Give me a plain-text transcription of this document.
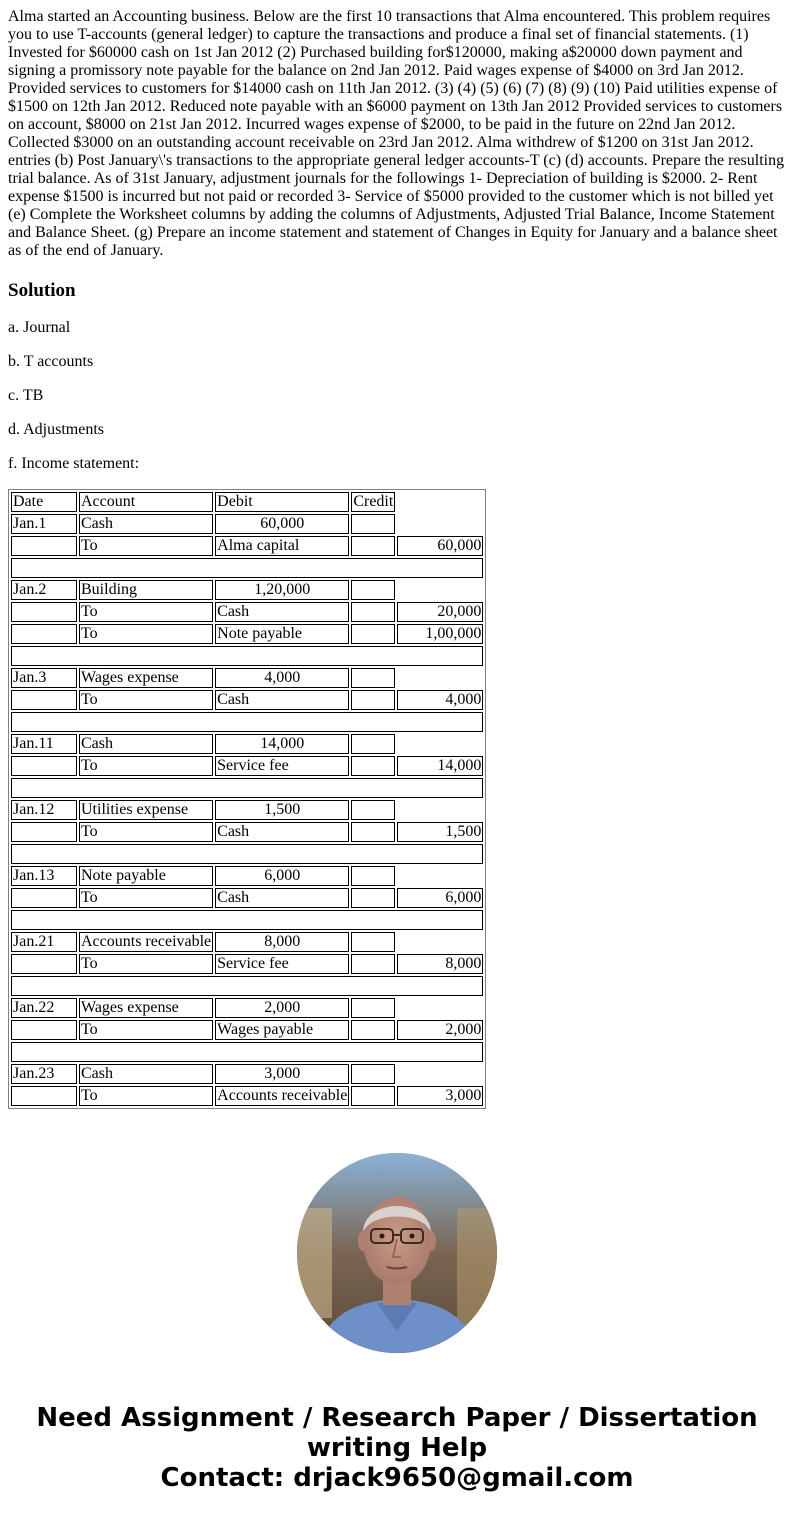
Alma started an Accounting business. Below are the first 10 transactions that Alma encountered. This problem requires you to use T-accounts (general ledger) to capture the transactions and produce a final set of financial statements. (1) Invested for $60000 cash on 1st Jan 2012 (2) Purchased building for$120000, making a$20000 down payment and signing a promissory note payable for the balance on 2nd Jan 2012. Paid wages expense of $4000 on 3rd Jan 2012. Provided services to customers for $14000 cash on 11th Jan 2012. (3) (4) (5) (6) (7) (8) (9) (10) Paid utilities expense of $1500 on 12th Jan 2012. Reduced note payable with an $6000 payment on 13th Jan 2012 Provided services to customers on account, $8000 on 21st Jan 2012. Incurred wages expense of $2000, to be paid in the future on 22nd Jan 2012. Collected $3000 on an outstanding account receivable on 23rd Jan 2012. Alma withdrew of $1200 on 31st Jan 2012. entries (b) Post January\'s transactions to the appropriate general ledger accounts-T (c) (d) accounts. Prepare the resulting trial balance. As of 31st January, adjustment journals for the followings 1- Depreciation of building is $2000. 2- Rent expense $1500 is incurred but not paid or recorded 3- Service of $5000 provided to the customer which is not billed yet (e) Complete the Worksheet columns by adding the columns of Adjustments, Adjusted Trial Balance, Income Statement and Balance Sheet. (g) Prepare an income statement and statement of Changes in Equity for January and a balance sheet as of the end of January.

Solution

a. Journal

b. T accounts

c. TB

d. Adjustments

f. Income statement:

Date	Account	Debit	Credit	
Jan.1	Cash	60,000		
	To	Alma capital		60,000

Jan.2	Building	1,20,000		
	To	Cash		20,000
	To	Note payable		1,00,000

Jan.3	Wages expense	4,000		
	To	Cash		4,000

Jan.11	Cash	14,000		
	To	Service fee		14,000

Jan.12	Utilities expense	1,500		
	To	Cash		1,500

Jan.13	Note payable	6,000		
	To	Cash		6,000

Jan.21	Accounts receivable	8,000		
	To	Service fee		8,000

Jan.22	Wages expense	2,000		
	To	Wages payable		2,000

Jan.23	Cash	3,000		
	To	Accounts receivable		3,000
Need Assignment / Research Paper / Dissertation
writing Help
Contact: drjack9650@gmail.com
